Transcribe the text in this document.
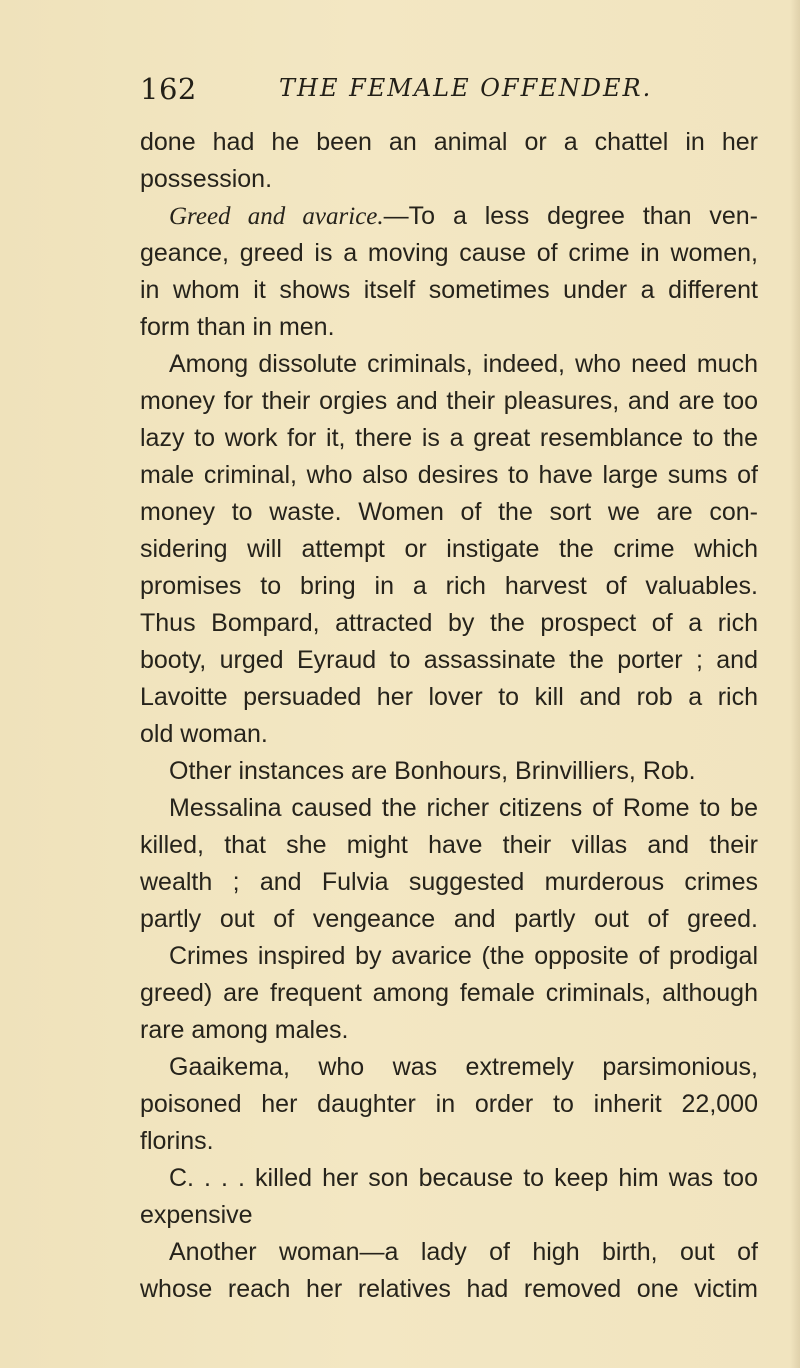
162	THE FEMALE OFFENDER.
done had he been an animal or a chattel in her
possession.
Greed and avarice.—To a less degree than ven-
geance, greed is a moving cause of crime in women,
in whom it shows itself sometimes under a different
form than in men.
Among dissolute criminals, indeed, who need much
money for their orgies and their pleasures, and are too
lazy to work for it, there is a great resemblance to the
male criminal, who also desires to have large sums of
money to waste. Women of the sort we are con-
sidering will attempt or instigate the crime which
promises to bring in a rich harvest of valuables.
Thus Bompard, attracted by the prospect of a rich
booty, urged Eyraud to assassinate the porter ; and
Lavoitte persuaded her lover to kill and rob a rich
old woman.
Other instances are Bonhours, Brinvilliers, Rob.
Messalina caused the richer citizens of Rome to be
killed, that she might have their villas and their
wealth ; and Fulvia suggested murderous crimes
partly out of vengeance and partly out of greed.
Crimes inspired by avarice (the opposite of prodigal
greed) are frequent among female criminals, although
rare among males.
Gaaikema, who was extremely parsimonious,
poisoned her daughter in order to inherit 22,000
florins.
C. . . . killed her son because to keep him was too
expensive
Another woman—a lady of high birth, out of
whose reach her relatives had removed one victim
